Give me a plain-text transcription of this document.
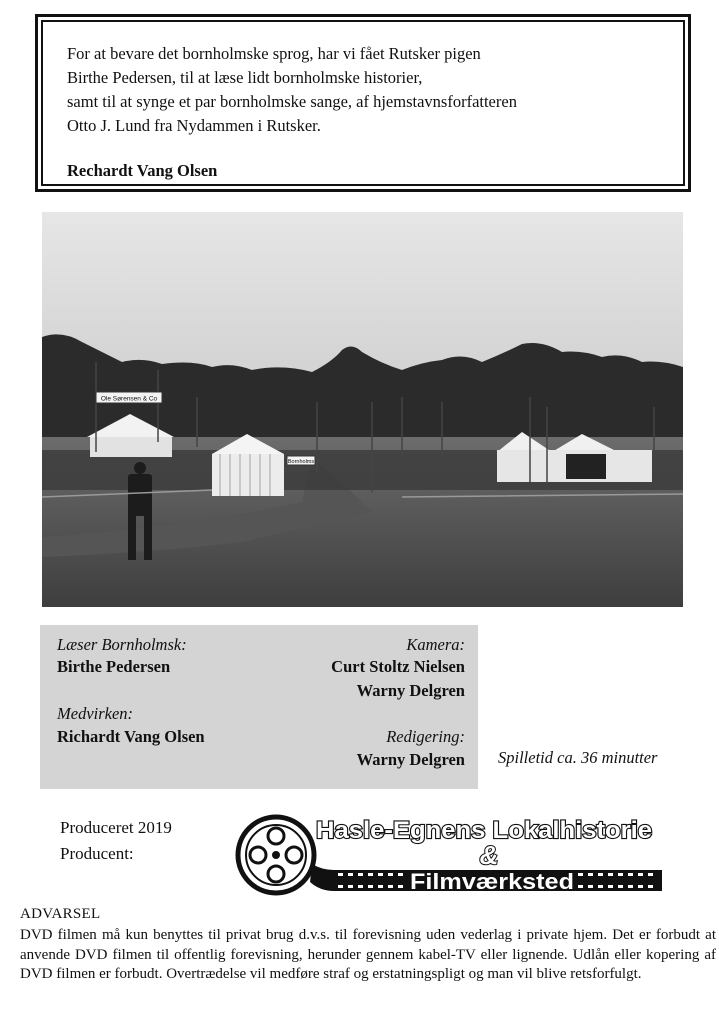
For at bevare det bornholmske sprog, har vi fået Rutsker pigen
Birthe Pedersen, til at læse lidt bornholmske historier,
samt til at synge et par bornholmske sange, af hjemstavnsforfatteren
Otto J. Lund fra Nydammen i Rutsker.
Rechardt Vang Olsen
Ole Sørensen & Co
Bornholms
Læser Bornholmsk:
Birthe Pedersen
Medvirken:
Richardt Vang Olsen
Kamera:
Curt Stoltz Nielsen
Warny Delgren
Redigering:
Warny Delgren Spilletid ca. 36 minutter
Produceret 2019
Producent:
Hasle-Egnens Lokalhistorie
&
Filmværksted
ADVARSEL
DVD filmen må kun benyttes til privat brug d.v.s. til forevisning uden vederlag i private hjem. Det er forbudt at anvende DVD filmen til offentlig forevisning, herunder gennem kabel-TV eller lignende. Udlån eller kopering af DVD filmen er forbudt. Overtrædelse vil medføre straf og erstatningspligt og man vil blive retsforfulgt.
